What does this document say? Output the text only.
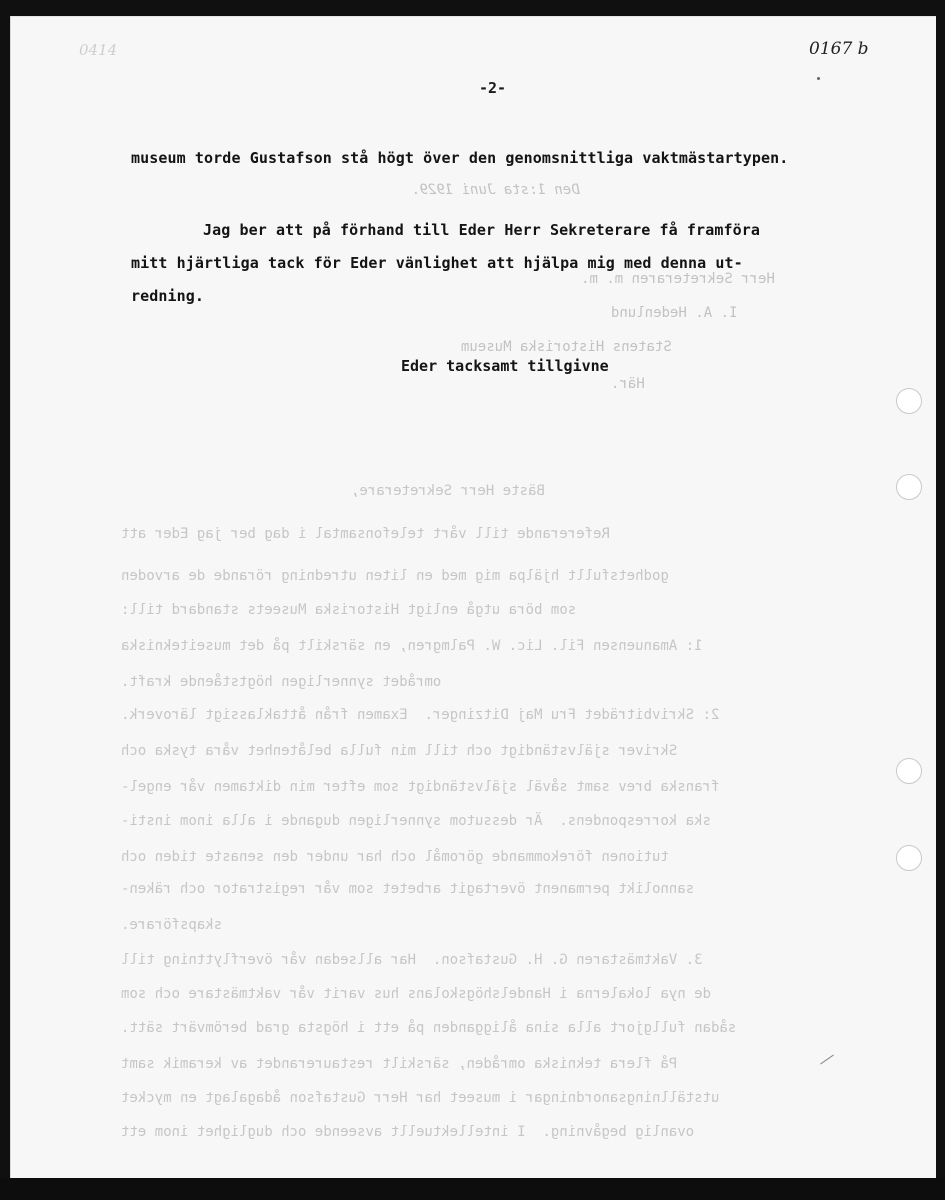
0414	0167 b
Den 1:sta Juni 1929.
Herr Sekreteraren m. m.
I. A. Hedenlund
Statens Historiska Museum
Här.
Bäste Herr Sekreterare,
Refererande till vårt telefonsamtal i dag ber jag Eder att
godhetsfullt hjälpa mig med en liten utredning rörande de arvoden
som böra utgå enligt Historiska Museets standard till:
1: Amanuensen Fil. Lic. W. Palmgren, en särskilt på det museitekniska
området synnerligen högtstående kraft.
2: Skrivbiträdet Fru Maj Ditzinger.  Examen från åttaklassigt läroverk.
Skriver självständigt och till min fulla belåtenhet våra tyska och
franska brev samt såväl självständigt som efter min diktamen vår engel-
ska korrespondens.  Är dessutom synnerligen dugande i alla inom insti-
tutionen förekommande göromål och har under den senaste tiden och
sannolikt permanent övertagit arbetet som vår registrator och räken-
skapsförare.
3. Vaktmästaren G. H. Gustafson.  Har allsedan vår överflyttning till
de nya lokalerna i Handelshögskolans hus varit vår vaktmästare och som
sådan fullgjort alla sina åligganden på ett i högsta grad berömvärt sätt.
På flera tekniska områden, särskilt restaurerandet av keramik samt
utställningsanordningar i museet har Herr Gustafson ådagalagt en mycket
ovanlig begåvning.  I intellektuellt avseende och duglighet inom ett
-2-
museum torde Gustafson stå högt över den genomsnittliga vaktmästartypen.
Jag ber att på förhand till Eder Herr Sekreterare få framföra
mitt hjärtliga tack för Eder vänlighet att hjälpa mig med denna ut-
redning.
Eder tacksamt tillgivne
